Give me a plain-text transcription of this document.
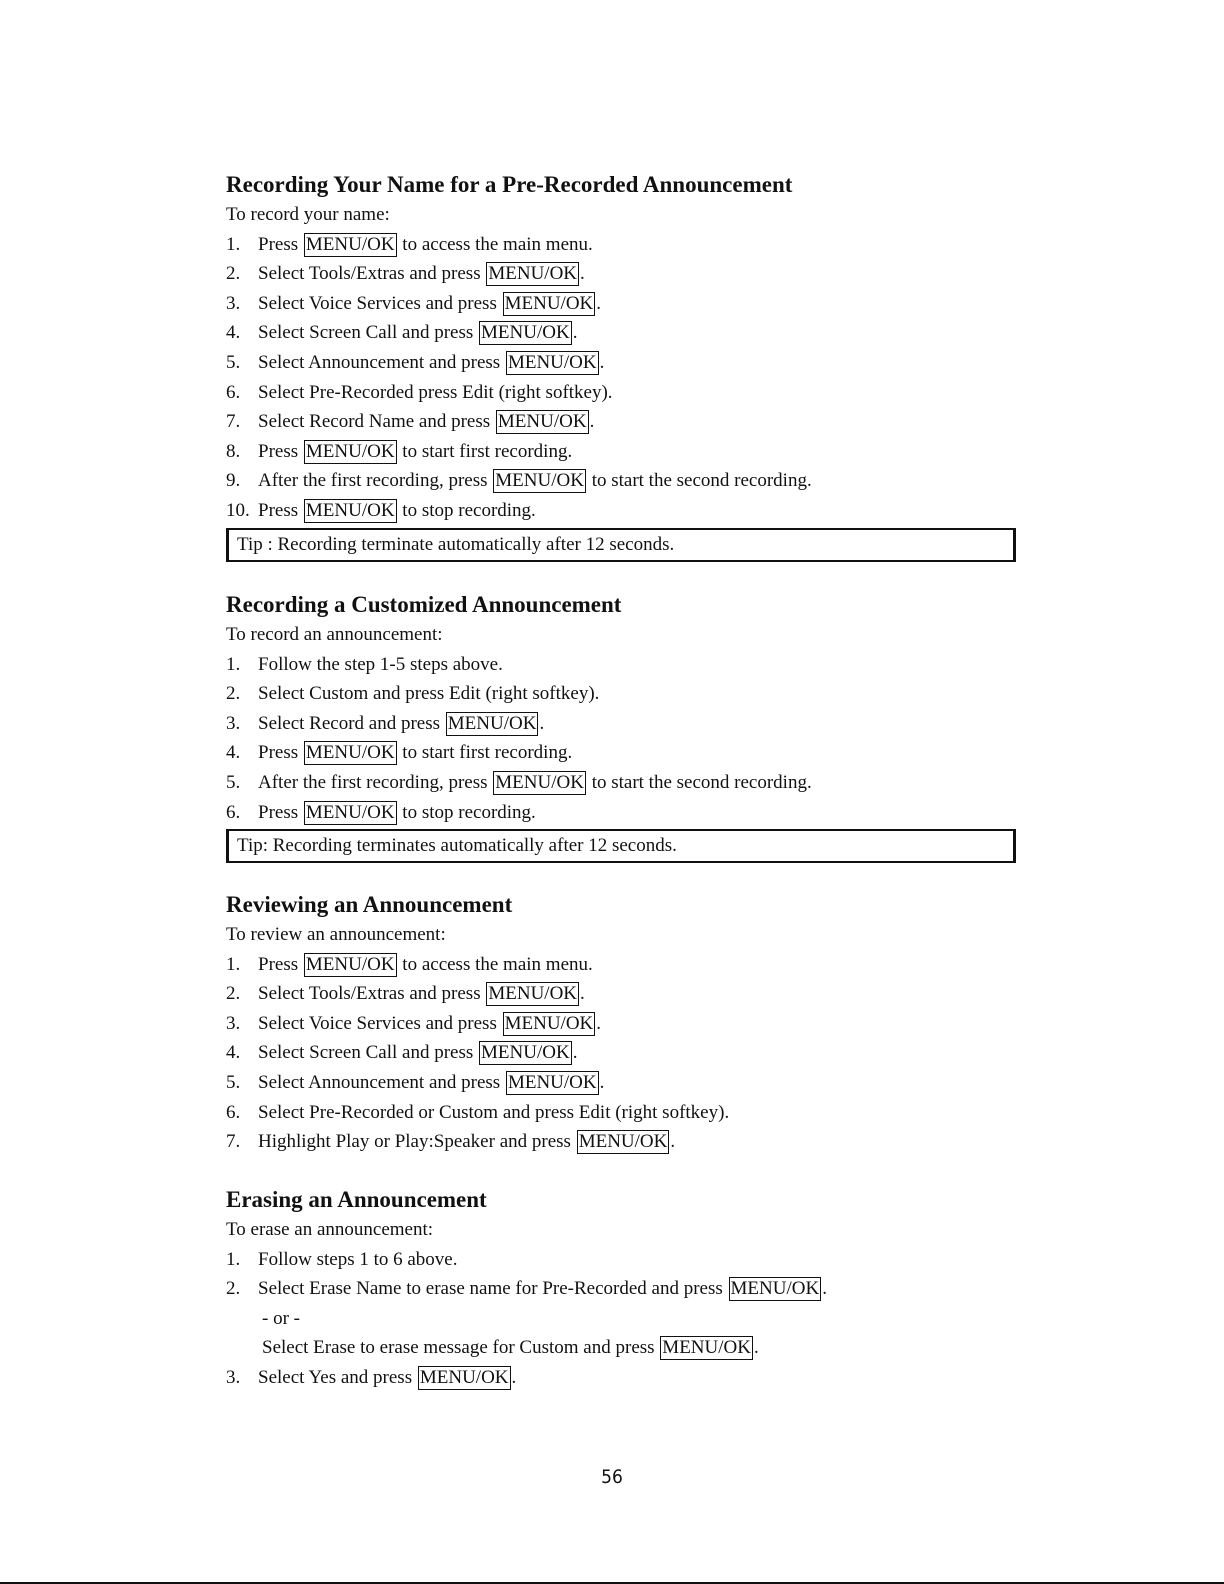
Recording Your Name for a Pre-Recorded Announcement

To record your name:

1. Press MENU/OK to access the main menu.
2. Select Tools/Extras and press MENU/OK .
3. Select Voice Services and press MENU/OK .
4. Select Screen Call and press MENU/OK .
5. Select Announcement and press MENU/OK .
6. Select Pre-Recorded press Edit (right softkey).
7. Select Record Name and press MENU/OK .
8. Press MENU/OK to start first recording.
9. After the first recording, press MENU/OK to start the second recording.
10. Press MENU/OK to stop recording.
Tip : Recording terminate automatically after 12 seconds.
Recording a Customized Announcement

To record an announcement:

1. Follow the step 1-5 steps above.
2. Select Custom and press Edit (right softkey).
3. Select Record and press MENU/OK .
4. Press MENU/OK to start first recording.
5. After the first recording, press MENU/OK to start the second recording.
6. Press MENU/OK to stop recording.
Tip: Recording terminates automatically after 12 seconds.
Reviewing an Announcement

To review an announcement:

1. Press MENU/OK to access the main menu.
2. Select Tools/Extras and press MENU/OK .
3. Select Voice Services and press MENU/OK .
4. Select Screen Call and press MENU/OK .
5. Select Announcement and press MENU/OK .
6. Select Pre-Recorded or Custom and press Edit (right softkey).
7. Highlight Play or Play:Speaker and press MENU/OK .
Erasing an Announcement

To erase an announcement:

1. Follow steps 1 to 6 above.
2. Select Erase Name to erase name for Pre-Recorded and press MENU/OK .
- or -
Select Erase to erase message for Custom and press MENU/OK .
3. Select Yes and press MENU/OK .
56
